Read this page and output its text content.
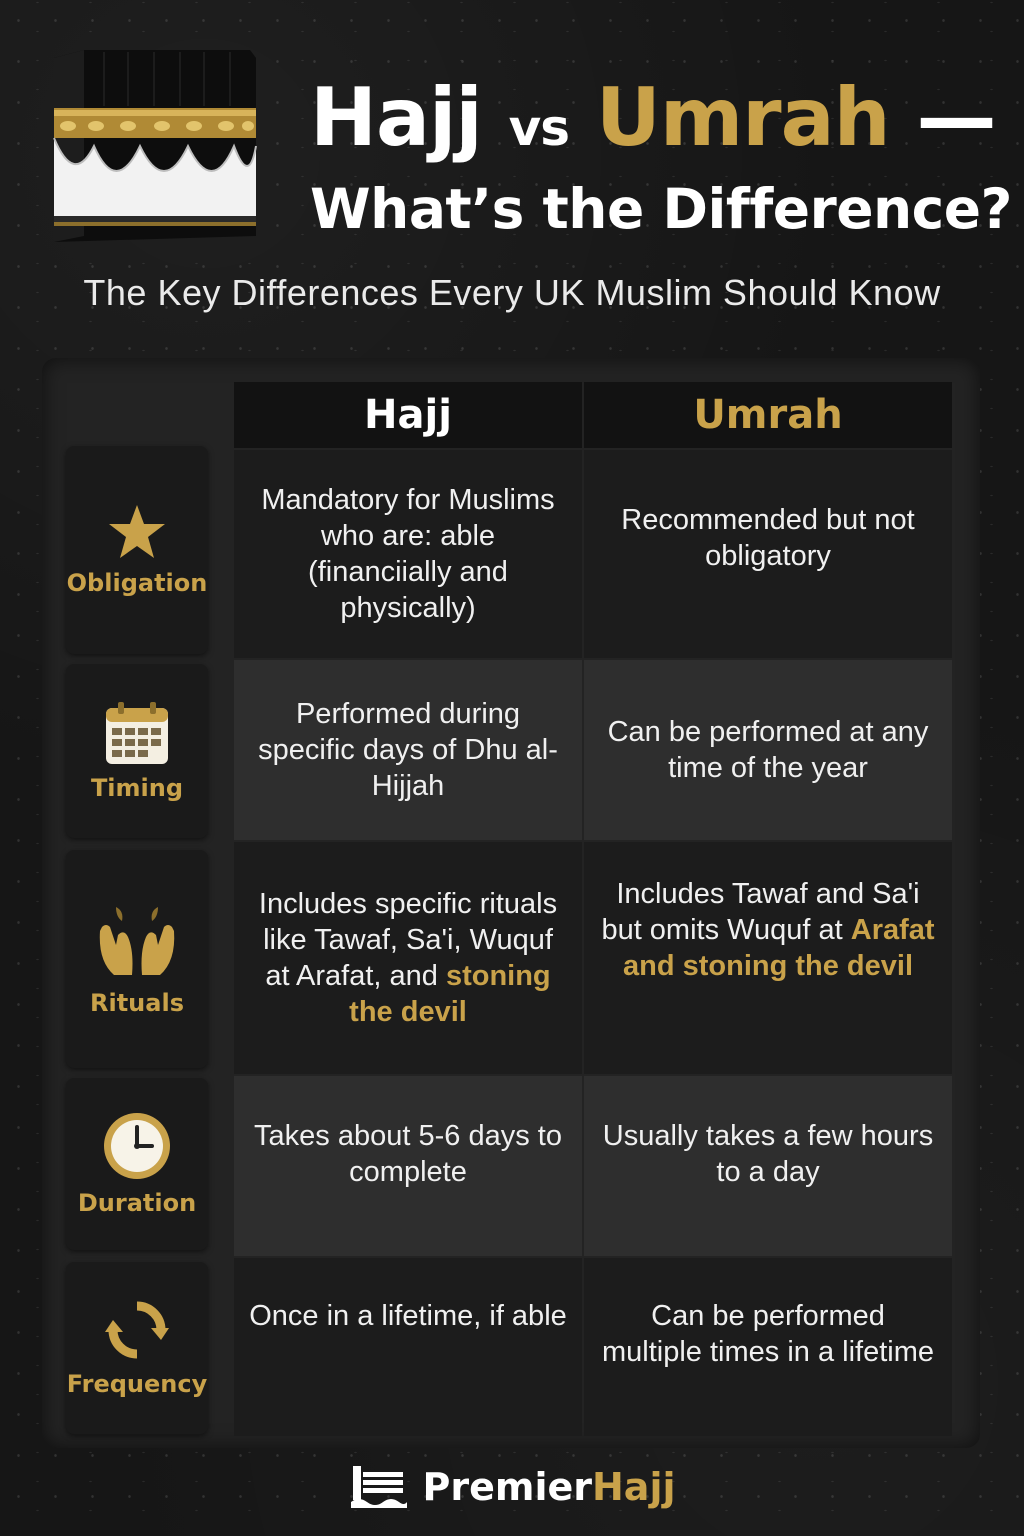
Hajj vs Umrah —
What’s the Difference?
The Key Differences Every UK Muslim Should Know
Hajj	Umrah
Obligation
Mandatory for Muslims who are: able (financiially and physically)
Recommended but not obligatory
Timing
Performed during specific days of Dhu al-Hijjah
Can be performed at any time of the year
Rituals
Includes specific rituals like Tawaf, Sa'i, Wuquf at Arafat, and stoning the devil
Includes Tawaf and Sa'i but omits Wuquf at Arafat and stoning the devil
Duration
Takes about 5-6 days to complete
Usually takes a few hours to a day
Frequency
Once in a lifetime, if able	Can be performed multiple times in a lifetime
PremierHajj
